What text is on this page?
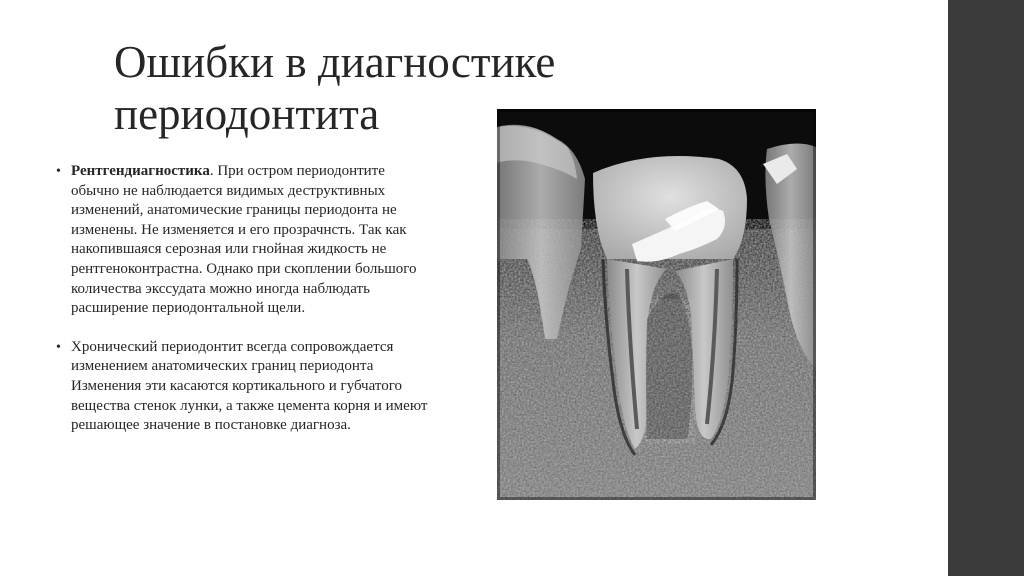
Ошибки в диагностике периодонтита
• Рентгендиагностика. При остром периодонтите обычно не наблюдается видимых деструктивных изменений, анатомические границы периодонта не изменены. Не изменяется и его прозрачнсть. Так как накопившаяся серозная или гнойная жидкость не рентгеноконтрастна. Однако при скоплении большого количества экссудата можно иногда наблюдать расширение периодонтальной щели.
• Хронический периодонтит всегда сопровождается изменением анатомических границ периодонта Изменения эти касаются кортикального и губчатого вещества стенок лунки, а также цемента корня и имеют решающее значение в постановке диагноза.
